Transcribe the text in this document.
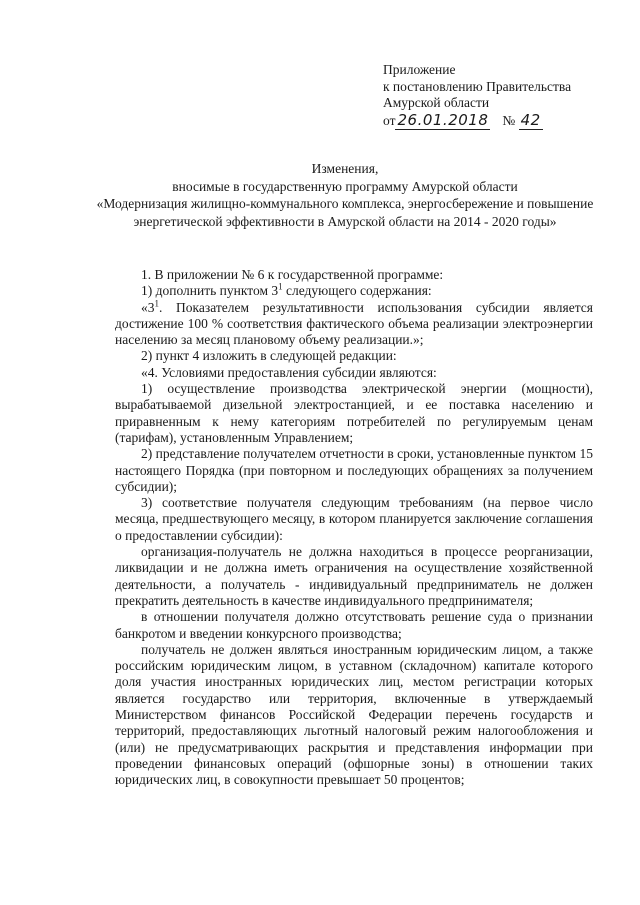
Приложение
к постановлению Правительства
Амурской области
от 26.01.2018 № 42
Изменения,
вносимые в государственную программу Амурской области
«Модернизация жилищно-коммунального комплекса, энергосбережение и повышение энергетической эффективности в Амурской области на 2014 - 2020 годы»

1. В приложении № 6 к государственной программе:

1) дополнить пунктом $3^1$ следующего содержания:

«$3^1$. Показателем результативности использования субсидии является достижение 100 % соответствия фактического объема реализации электроэнергии населению за месяц плановому объему реализации.»;

2) пункт 4 изложить в следующей редакции:

«4. Условиями предоставления субсидии являются:

1) осуществление производства электрической энергии (мощности), вырабатываемой дизельной электростанцией, и ее поставка населению и приравненным к нему категориям потребителей по регулируемым ценам (тарифам), установленным Управлением;

2) представление получателем отчетности в сроки, установленные пунктом 15 настоящего Порядка (при повторном и последующих обращениях за получением субсидии);

3) соответствие получателя следующим требованиям (на первое число месяца, предшествующего месяцу, в котором планируется заключение соглашения о предоставлении субсидии):

организация-получатель не должна находиться в процессе реорганизации, ликвидации и не должна иметь ограничения на осуществление хозяйственной деятельности, а получатель - индивидуальный предприниматель не должен прекратить деятельность в качестве индивидуального предпринимателя;

в отношении получателя должно отсутствовать решение суда о признании банкротом и введении конкурсного производства;

получатель не должен являться иностранным юридическим лицом, а также российским юридическим лицом, в уставном (складочном) капитале которого доля участия иностранных юридических лиц, местом регистрации которых является государство или территория, включенные в утверждаемый Министерством финансов Российской Федерации перечень государств и территорий, предоставляющих льготный налоговый режим налогообложения и (или) не предусматривающих раскрытия и представления информации при проведении финансовых операций (офшорные зоны) в отношении таких юридических лиц, в совокупности превышает 50 процентов;
